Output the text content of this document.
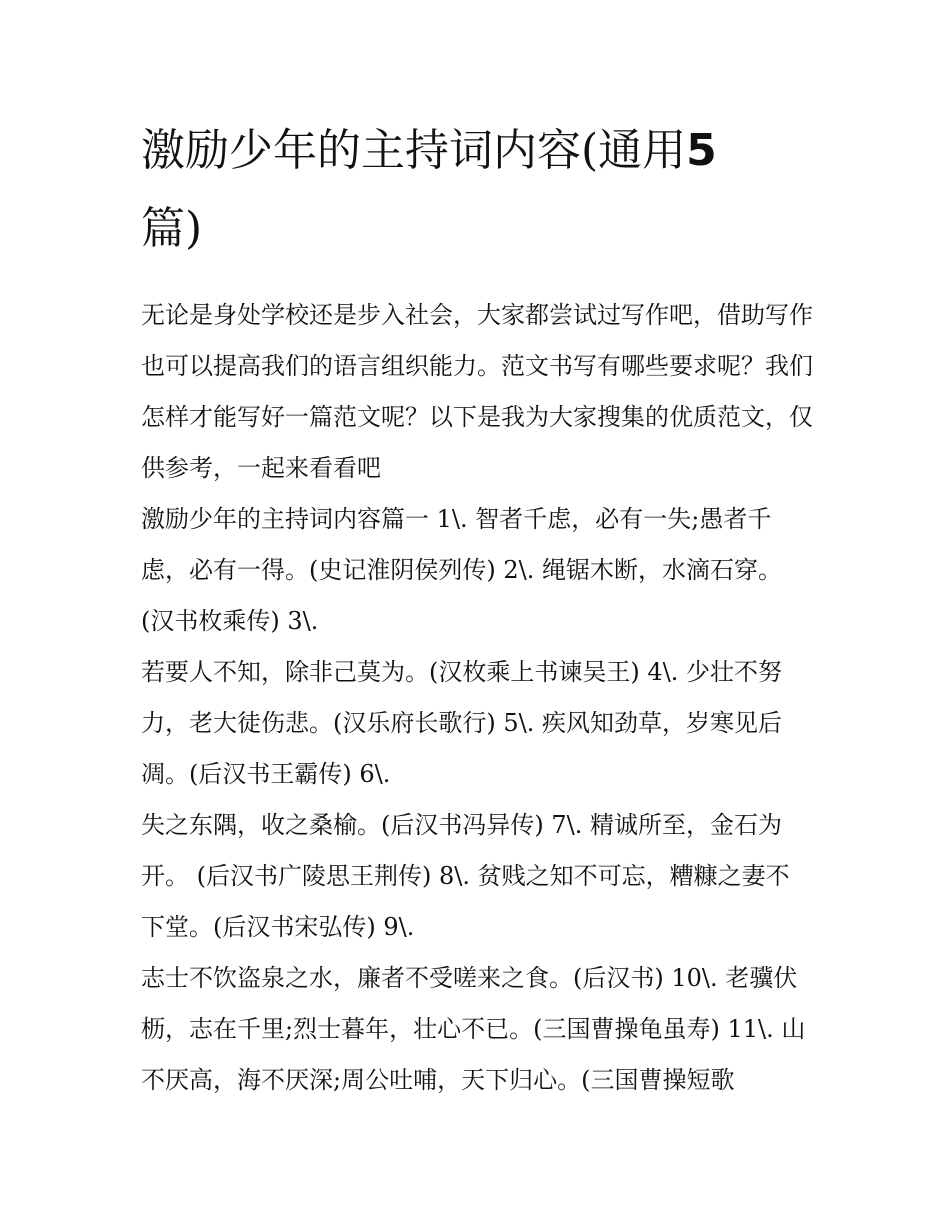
激励少年的主持词内容(通用5
篇)

无论是身处学校还是步入社会，大家都尝试过写作吧，借助写作也可以提高我们的语言组织能力。范文书写有哪些要求呢？我们怎样才能写好一篇范文呢？以下是我为大家搜集的优质范文，仅供参考，一起来看看吧

激励少年的主持词内容篇一 1\. 智者千虑，必有一失;愚者千虑，必有一得。(史记淮阴侯列传) 2\. 绳锯木断，水滴石穿。(汉书枚乘传) 3\.

若要人不知，除非己莫为。(汉枚乘上书谏吴王) 4\. 少壮不努力，老大徒伤悲。(汉乐府长歌行) 5\. 疾风知劲草，岁寒见后凋。(后汉书王霸传) 6\.

失之东隅，收之桑榆。(后汉书冯异传) 7\. 精诚所至，金石为开。 (后汉书广陵思王荆传) 8\. 贫贱之知不可忘，糟糠之妻不下堂。(后汉书宋弘传) 9\.

志士不饮盗泉之水，廉者不受嗟来之食。(后汉书) 10\. 老骥伏枥，志在千里;烈士暮年，壮心不已。(三国曹操龟虽寿) 11\. 山不厌高，海不厌深;周公吐哺，天下归心。(三国曹操短歌
